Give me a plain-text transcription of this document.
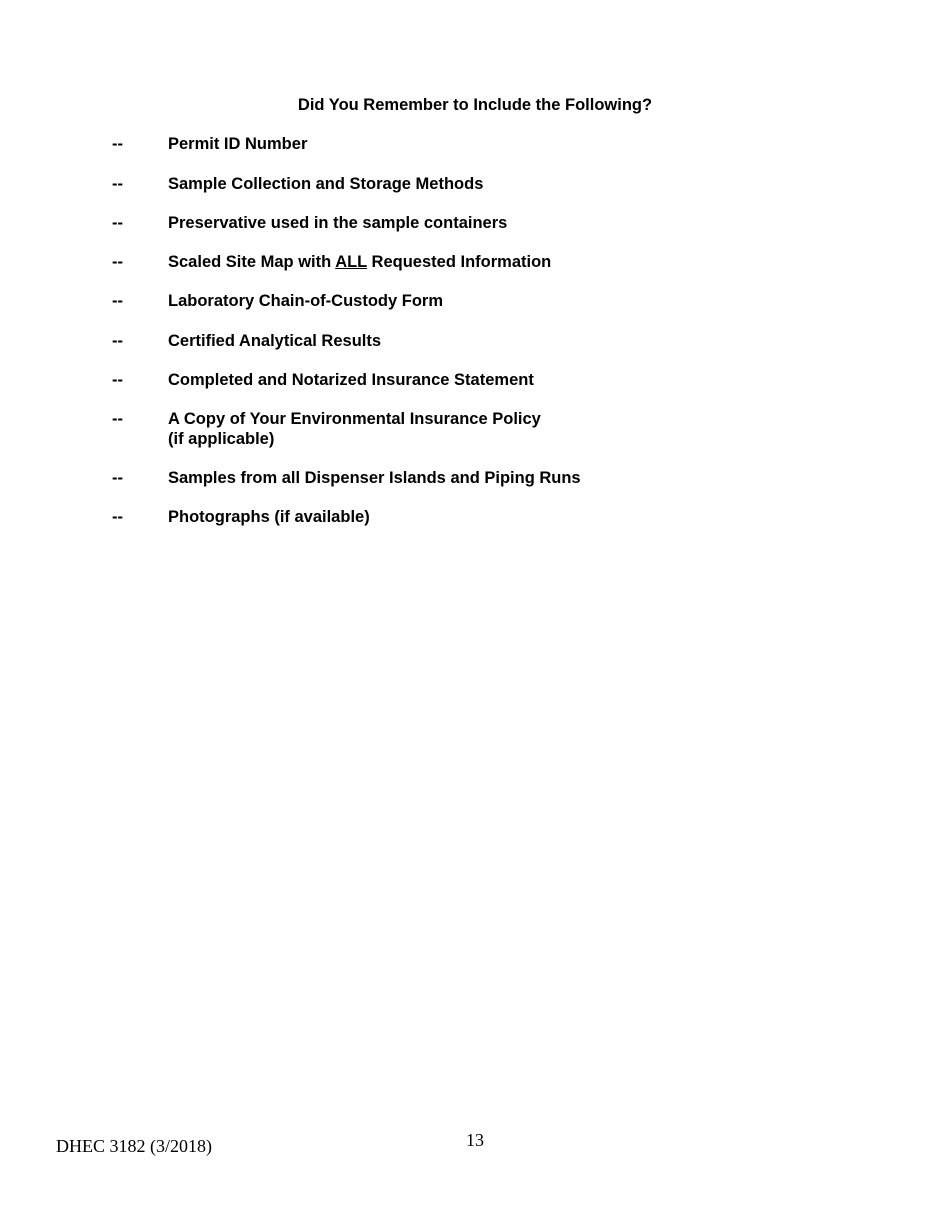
Did You Remember to Include the Following?
--	Permit ID Number
--	Sample Collection and Storage Methods
--	Preservative used in the sample containers
--	Scaled Site Map with ALL Requested Information
--	Laboratory Chain-of-Custody Form
--	Certified Analytical Results
--	Completed and Notarized Insurance Statement
--	A Copy of Your Environmental Insurance Policy
(if applicable)
--	Samples from all Dispenser Islands and Piping Runs
--	Photographs (if available)
DHEC 3182 (3/2018)	13
